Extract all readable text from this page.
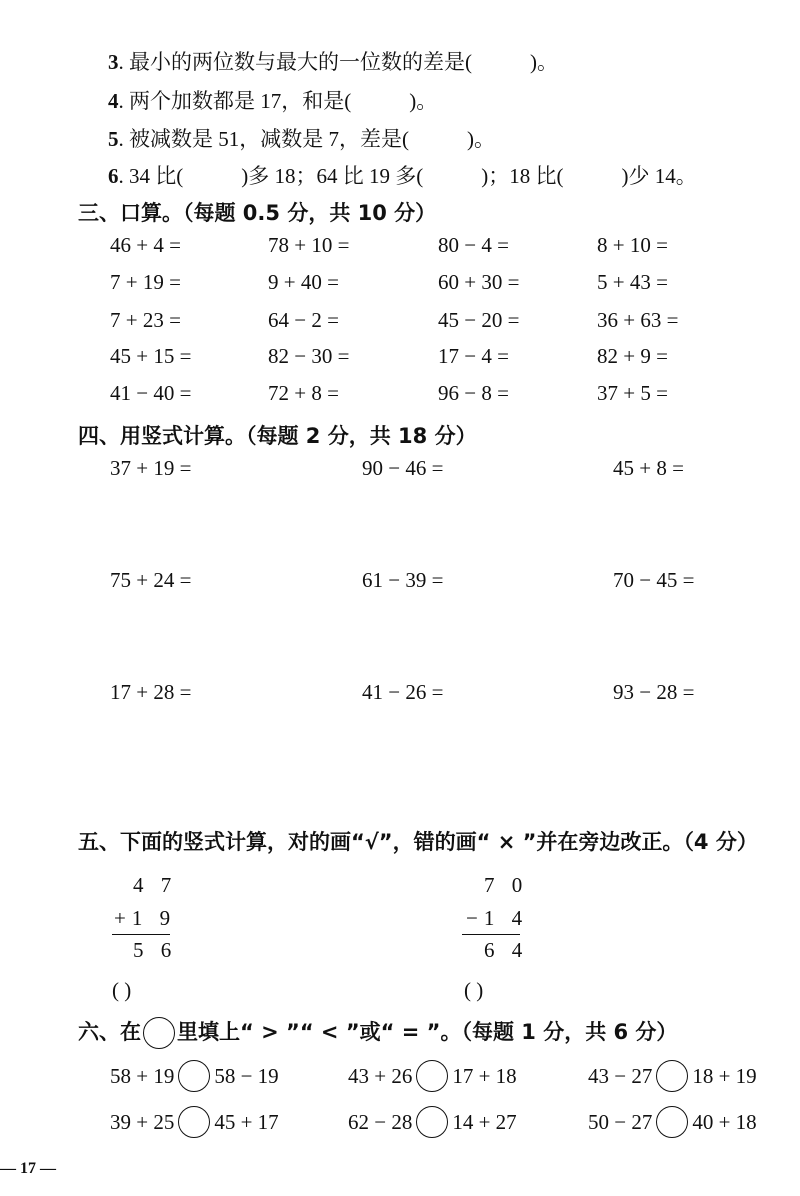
3. 最小的两位数与最大的一位数的差是(	)。
4. 两个加数都是 17，和是(	)。
5. 被减数是 51，减数是 7，差是(	)。
6. 34 比(	)多 18；64 比 19 多(	)；18 比(	)少 14。
三、口算。（每题 0.5 分，共 10 分）
46 + 4 =	78 + 10 =	80 − 4 =	8 + 10 =
7 + 19 =	9 + 40 =	60 + 30 =	5 + 43 =
7 + 23 =	64 − 2 =	45 − 20 =	36 + 63 =
45 + 15 =	82 − 30 =	17 − 4 =	82 + 9 =
41 − 40 =	72 + 8 =	96 − 8 =	37 + 5 =
四、用竖式计算。（每题 2 分，共 18 分）
37 + 19 =	90 − 46 =	45 + 8 =
75 + 24 =	61 − 39 =	70 − 45 =
17 + 28 =	41 − 26 =	93 − 28 =
五、下面的竖式计算，对的画“√”，错的画“ × ”并在旁边改正。（4 分）
4 7
+1 9
5 6
( )
7 0
−1 4
6 4
( )
六、在 里填上“ > ”“ < ”或“ = ”。（每题 1 分，共 6 分）
58 + 19 58 − 19	43 + 26 17 + 18	43 − 27 18 + 19
39 + 25 45 + 17	62 − 28 14 + 27	50 − 27 40 + 18
— 17 —
